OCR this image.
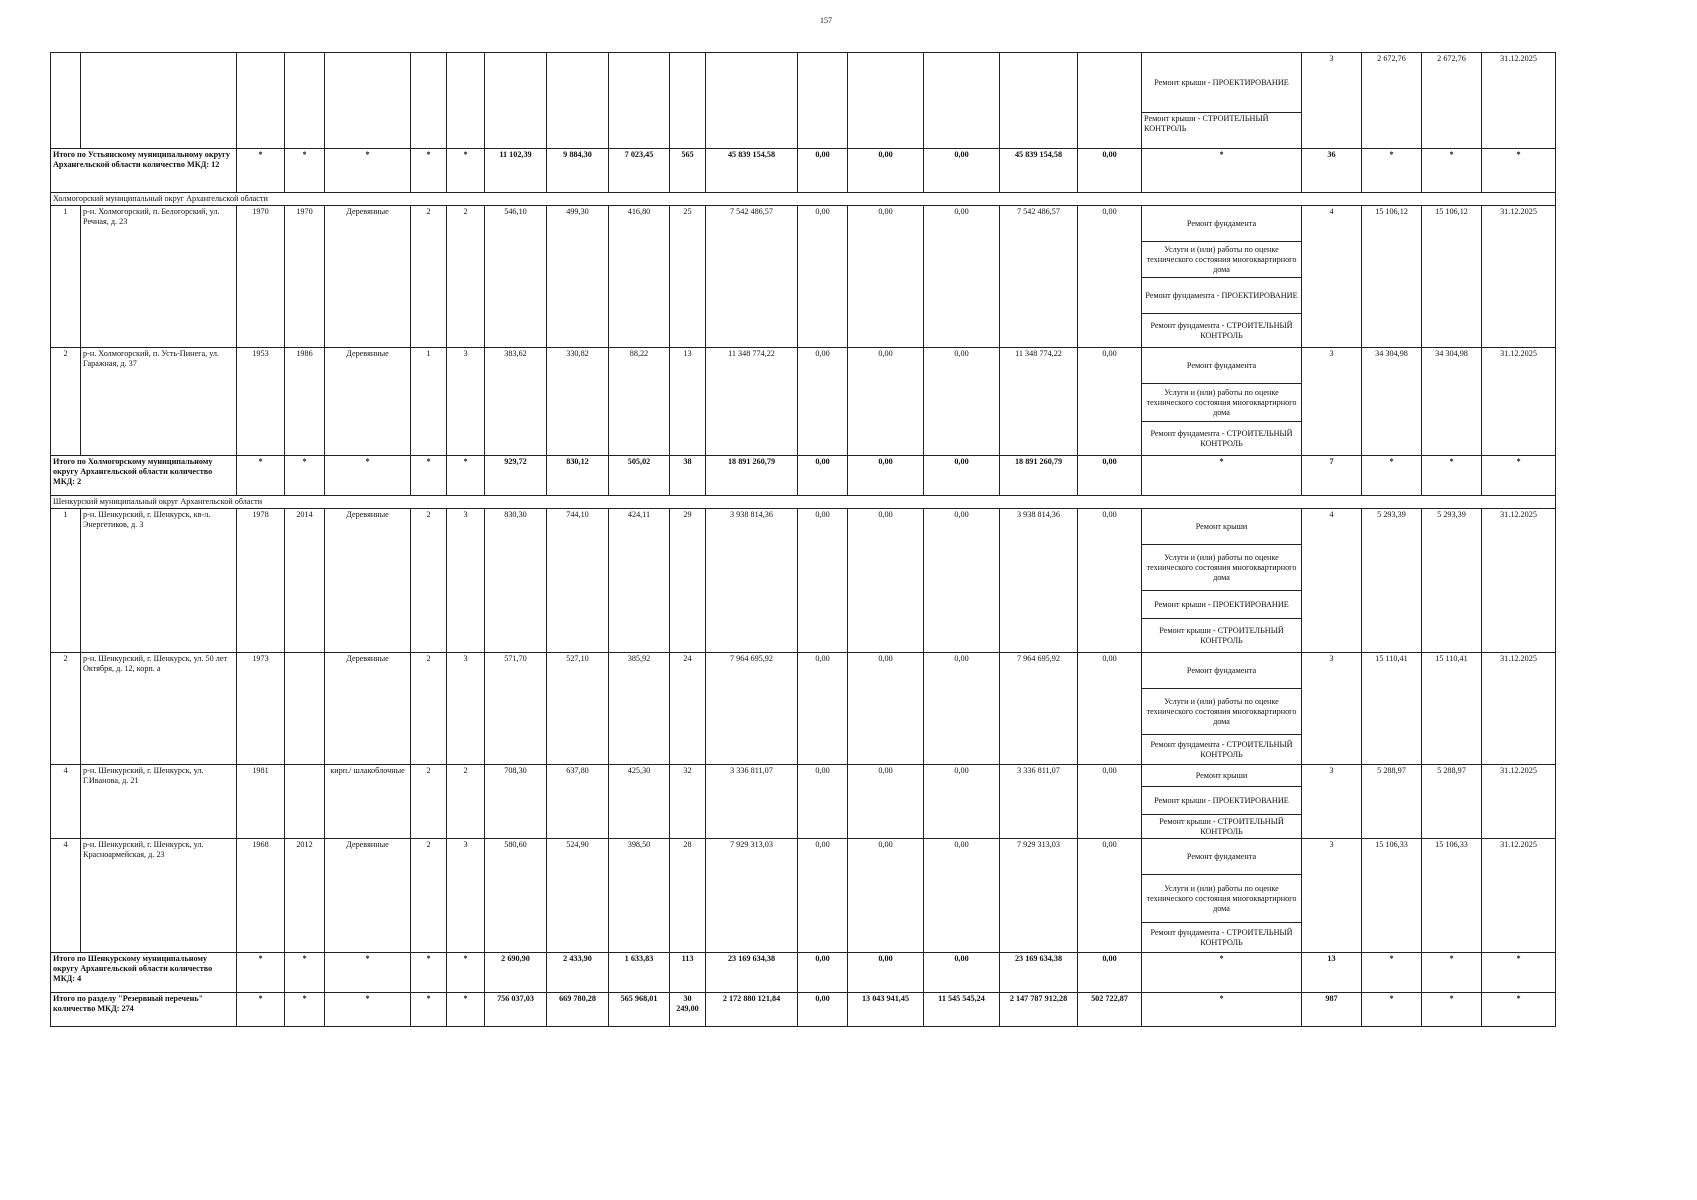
157
																	Ремонт крыши - ПРОЕКТИРОВАНИЕ	3	2 672,76	2 672,76	31.12.2025
																	Ремонт крыши - СТРОИТЕЛЬНЫЙ КОНТРОЛЬ				
Итого по Устьянскому муниципальному округу Архангельской области количество МКД: 12		*	*	*	*	*	11 102,39	9 884,30	7 023,45	565	45 839 154,58	0,00	0,00	0,00	45 839 154,58	0,00	*	36	*	*	*
Холмогорский муниципальный округ Архангельской области																					
1	р-н. Холмогорский, п. Белогорский, ул. Речная, д. 23	1970	1970	Деревянные	2	2	546,10	499,30	416,80	25	7 542 486,57	0,00	0,00	0,00	7 542 486,57	0,00	Ремонт фундамента	4	15 106,12	15 106,12	31.12.2025
																	Услуги и (или) работы по оценке технического состояния многоквартирного дома				
																	Ремонт фундамента - ПРОЕКТИРОВАНИЕ				
																	Ремонт фундамента - СТРОИТЕЛЬНЫЙ КОНТРОЛЬ				
2	р-н. Холмогорский, п. Усть-Пинега, ул. Гаражная, д. 37	1953	1986	Деревянные	1	3	383,62	330,82	88,22	13	11 348 774,22	0,00	0,00	0,00	11 348 774,22	0,00	Ремонт фундамента	3	34 304,98	34 304,98	31.12.2025
																	Услуги и (или) работы по оценке технического состояния многоквартирного дома				
																	Ремонт фундамента - СТРОИТЕЛЬНЫЙ КОНТРОЛЬ				
Итого по Холмогорскому муниципальному округу Архангельской области количество МКД: 2		*	*	*	*	*	929,72	830,12	505,02	38	18 891 260,79	0,00	0,00	0,00	18 891 260,79	0,00	*	7	*	*	*
Шенкурский муниципальный округ Архангельской области																					
1	р-н. Шенкурский, г. Шенкурск, кв-л. Энергетиков, д. 3	1978	2014	Деревянные	2	3	830,30	744,10	424,11	29	3 938 814,36	0,00	0,00	0,00	3 938 814,36	0,00	Ремонт крыши	4	5 293,39	5 293,39	31.12.2025
																	Услуги и (или) работы по оценке технического состояния многоквартирного дома				
																	Ремонт крыши - ПРОЕКТИРОВАНИЕ				
																	Ремонт крыши - СТРОИТЕЛЬНЫЙ КОНТРОЛЬ				
2	р-н. Шенкурский, г. Шенкурск, ул. 50 лет Октября, д. 12, корп. а	1973		Деревянные	2	3	571,70	527,10	385,92	24	7 964 695,92	0,00	0,00	0,00	7 964 695,92	0,00	Ремонт фундамента	3	15 110,41	15 110,41	31.12.2025
																	Услуги и (или) работы по оценке технического состояния многоквартирного дома				
																	Ремонт фундамента - СТРОИТЕЛЬНЫЙ КОНТРОЛЬ				
4	р-н. Шенкурский, г. Шенкурск, ул. Г.Иванова, д. 21	1981		кирп./ шлакоблочные	2	2	708,30	637,80	425,30	32	3 336 811,07	0,00	0,00	0,00	3 336 811,07	0,00	Ремонт крыши	3	5 288,97	5 288,97	31.12.2025
																	Ремонт крыши - ПРОЕКТИРОВАНИЕ				
																	Ремонт крыши - СТРОИТЕЛЬНЫЙ КОНТРОЛЬ				
4	р-н. Шенкурский, г. Шенкурск, ул. Красноармейская, д. 23	1968	2012	Деревянные	2	3	580,60	524,90	398,50	28	7 929 313,03	0,00	0,00	0,00	7 929 313,03	0,00	Ремонт фундамента	3	15 106,33	15 106,33	31.12.2025
																	Услуги и (или) работы по оценке технического состояния многоквартирного дома				
																	Ремонт фундамента - СТРОИТЕЛЬНЫЙ КОНТРОЛЬ				
Итого по Шенкурскому муниципальному округу Архангельской области количество МКД: 4		*	*	*	*	*	2 690,90	2 433,90	1 633,83	113	23 169 634,38	0,00	0,00	0,00	23 169 634,38	0,00	*	13	*	*	*
Итого по разделу "Резервный перечень" количество МКД: 274		*	*	*	*	*	756 037,03	669 780,28	565 968,01	30 249,00	2 172 880 121,84	0,00	13 043 941,45	11 545 545,24	2 147 787 912,28	502 722,87	*	987	*	*	*
